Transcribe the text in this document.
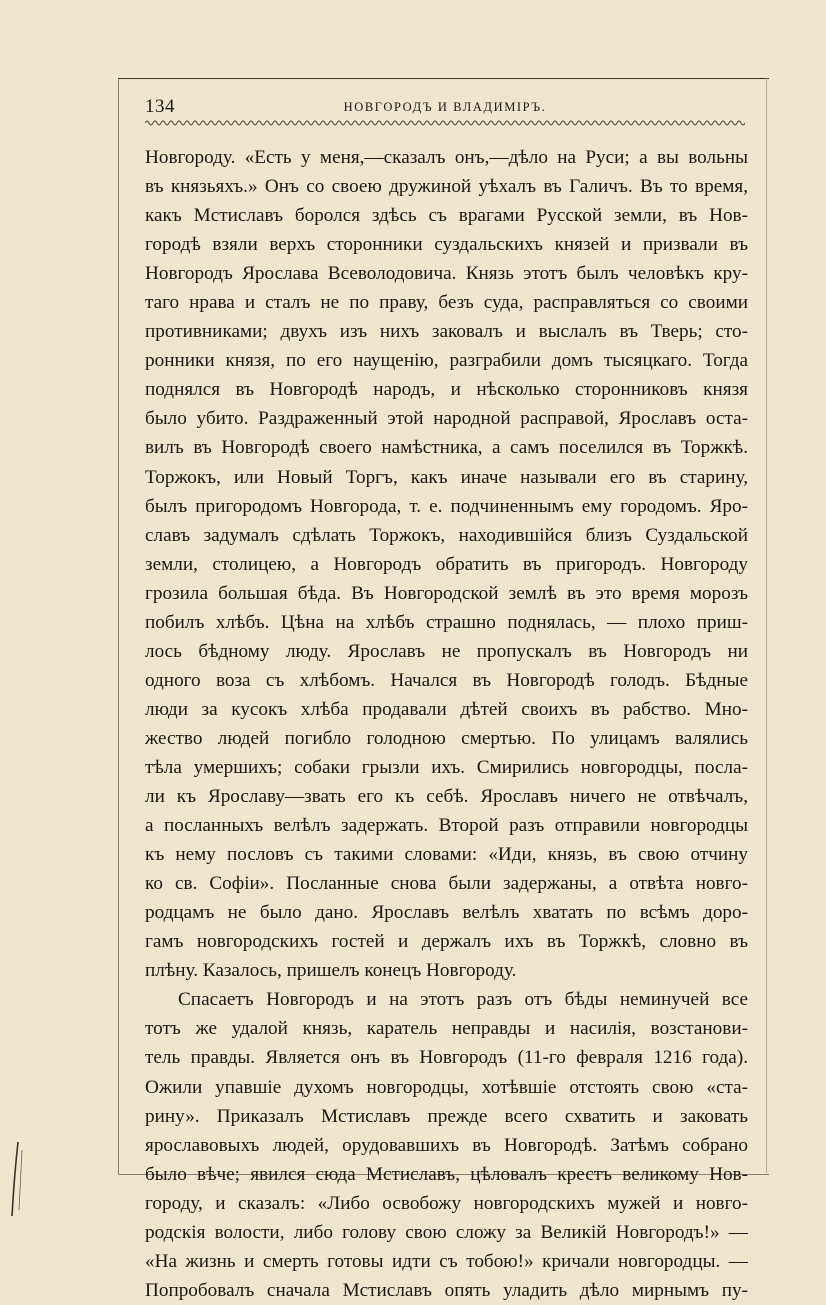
134	НОВГОРОДЪ И ВЛАДИМІРЪ.
Новгороду. «Есть у меня,—сказалъ онъ,—дѣло на Руси; а вы вольны
въ князьяхъ.» Онъ со своею дружиной уѣхалъ въ Галичъ. Въ то время,
какъ Мстиславъ боролся здѣсь съ врагами Русской земли, въ Нов-
городѣ взяли верхъ сторонники суздальскихъ князей и призвали въ
Новгородъ Ярослава Всеволодовича. Князь этотъ былъ человѣкъ кру-
таго нрава и сталъ не по праву, безъ суда, расправляться со своими
противниками; двухъ изъ нихъ заковалъ и выслалъ въ Тверь; сто-
ронники князя, по его наущенію, разграбили домъ тысяцкаго. Тогда
поднялся въ Новгородѣ народъ, и нѣсколько сторонниковъ князя
было убито. Раздраженный этой народной расправой, Ярославъ оста-
вилъ въ Новгородѣ своего намѣстника, а самъ поселился въ Торжкѣ.
Торжокъ, или Новый Торгъ, какъ иначе называли его въ старину,
былъ пригородомъ Новгорода, т. е. подчиненнымъ ему городомъ. Яро-
славъ задумалъ сдѣлать Торжокъ, находившійся близъ Суздальской
земли, столицею, а Новгородъ обратить въ пригородъ. Новгороду
грозила большая бѣда. Въ Новгородской землѣ въ это время морозъ
побилъ хлѣбъ. Цѣна на хлѣбъ страшно поднялась, — плохо приш-
лось бѣдному люду. Ярославъ не пропускалъ въ Новгородъ ни
одного воза съ хлѣбомъ. Начался въ Новгородѣ голодъ. Бѣдные
люди за кусокъ хлѣба продавали дѣтей своихъ въ рабство. Мно-
жество людей погибло голодною смертью. По улицамъ валялись
тѣла умершихъ; собаки грызли ихъ. Смирились новгородцы, посла-
ли къ Ярославу—звать его къ себѣ. Ярославъ ничего не отвѣчалъ,
а посланныхъ велѣлъ задержать. Второй разъ отправили новгородцы
къ нему пословъ съ такими словами: «Иди, князь, въ свою отчину
ко св. Софіи». Посланные снова были задержаны, а отвѣта новго-
родцамъ не было дано. Ярославъ велѣлъ хватать по всѣмъ доро-
гамъ новгородскихъ гостей и держалъ ихъ въ Торжкѣ, словно въ
плѣну. Казалось, пришелъ конецъ Новгороду.
Спасаетъ Новгородъ и на этотъ разъ отъ бѣды неминучей все
тотъ же удалой князь, каратель неправды и насилія, возстанови-
тель правды. Является онъ въ Новгородъ (11-го февраля 1216 года).
Ожили упавшіе духомъ новгородцы, хотѣвшіе отстоять свою «ста-
рину». Приказалъ Мстиславъ прежде всего схватить и заковать
ярославовыхъ людей, орудовавшихъ въ Новгородѣ. Затѣмъ собрано
было вѣче; явился сюда Мстиславъ, цѣловалъ крестъ великому Нов-
городу, и сказалъ: «Либо освобожу новгородскихъ мужей и новго-
родскія волости, либо голову свою сложу за Великій Новгородъ!» —
«На жизнь и смерть готовы идти съ тобою!» кричали новгородцы. —
Попробовалъ сначала Мстиславъ опять уладить дѣло мирнымъ пу-
